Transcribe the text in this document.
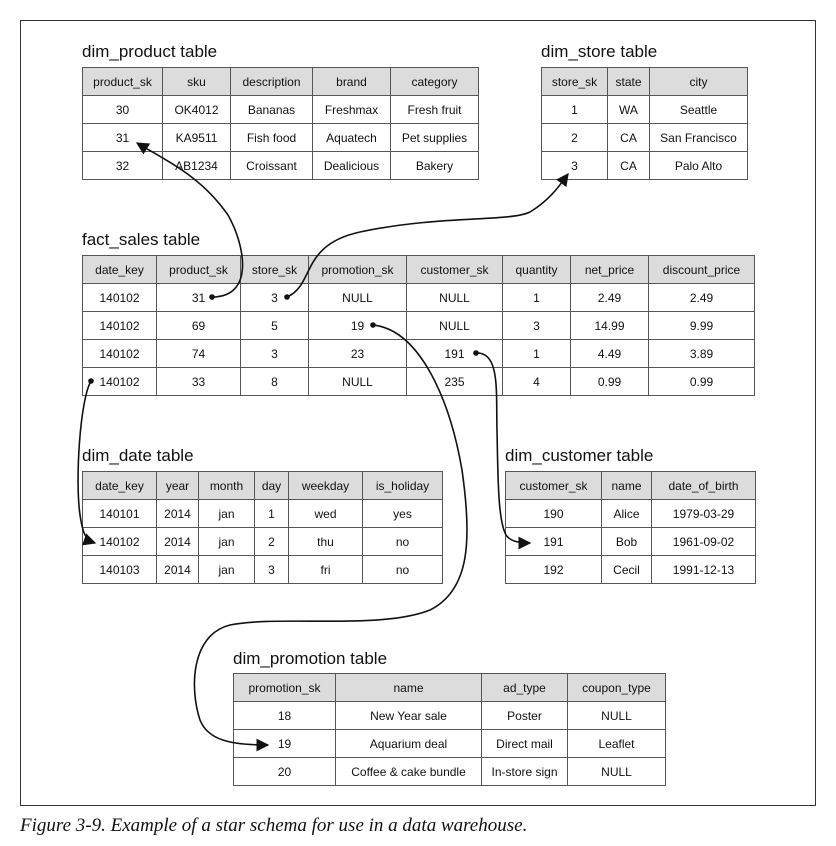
dim_product table
product_sk	sku	description	brand	category
30	OK4012	Bananas	Freshmax	Fresh fruit
31	KA9511	Fish food	Aquatech	Pet supplies
32	AB1234	Croissant	Dealicious	Bakery
dim_store table
store_sk	state	city
1	WA	Seattle
2	CA	San Francisco
3	CA	Palo Alto
fact_sales table
date_key	product_sk	store_sk	promotion_sk	customer_sk	quantity	net_price	discount_price
140102	31	3	NULL	NULL	1	2.49	2.49
140102	69	5	19	NULL	3	14.99	9.99
140102	74	3	23	191	1	4.49	3.89
140102	33	8	NULL	235	4	0.99	0.99
dim_date table
date_key	year	month	day	weekday	is_holiday
140101	2014	jan	1	wed	yes
140102	2014	jan	2	thu	no
140103	2014	jan	3	fri	no
dim_customer table
customer_sk	name	date_of_birth
190	Alice	1979-03-29
191	Bob	1961-09-02
192	Cecil	1991-12-13
dim_promotion table
promotion_sk	name	ad_type	coupon_type
18	New Year sale	Poster	NULL
19	Aquarium deal	Direct mail	Leaflet
20	Coffee & cake bundle	In-store sign	NULL
Figure 3-9. Example of a star schema for use in a data warehouse.
